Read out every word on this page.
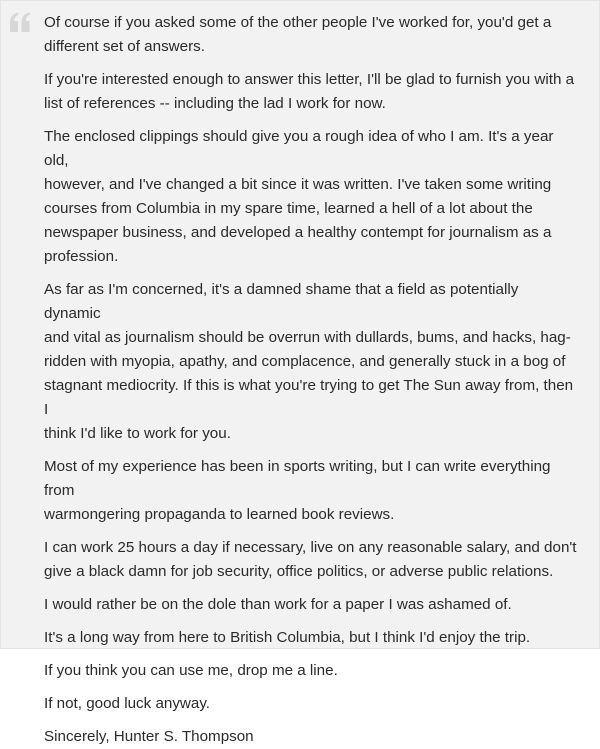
Of course if you asked some of the other people I've worked for, you'd get a
different set of answers.

If you're interested enough to answer this letter, I'll be glad to furnish you with a
list of references -- including the lad I work for now.

The enclosed clippings should give you a rough idea of who I am. It's a year old,
however, and I've changed a bit since it was written. I've taken some writing
courses from Columbia in my spare time, learned a hell of a lot about the
newspaper business, and developed a healthy contempt for journalism as a
profession.

As far as I'm concerned, it's a damned shame that a field as potentially dynamic
and vital as journalism should be overrun with dullards, bums, and hacks, hag-
ridden with myopia, apathy, and complacence, and generally stuck in a bog of
stagnant mediocrity. If this is what you're trying to get The Sun away from, then I
think I'd like to work for you.

Most of my experience has been in sports writing, but I can write everything from
warmongering propaganda to learned book reviews.

I can work 25 hours a day if necessary, live on any reasonable salary, and don't
give a black damn for job security, office politics, or adverse public relations.

I would rather be on the dole than work for a paper I was ashamed of.

It's a long way from here to British Columbia, but I think I'd enjoy the trip.

If you think you can use me, drop me a line.

If not, good luck anyway.

Sincerely, Hunter S. Thompson
